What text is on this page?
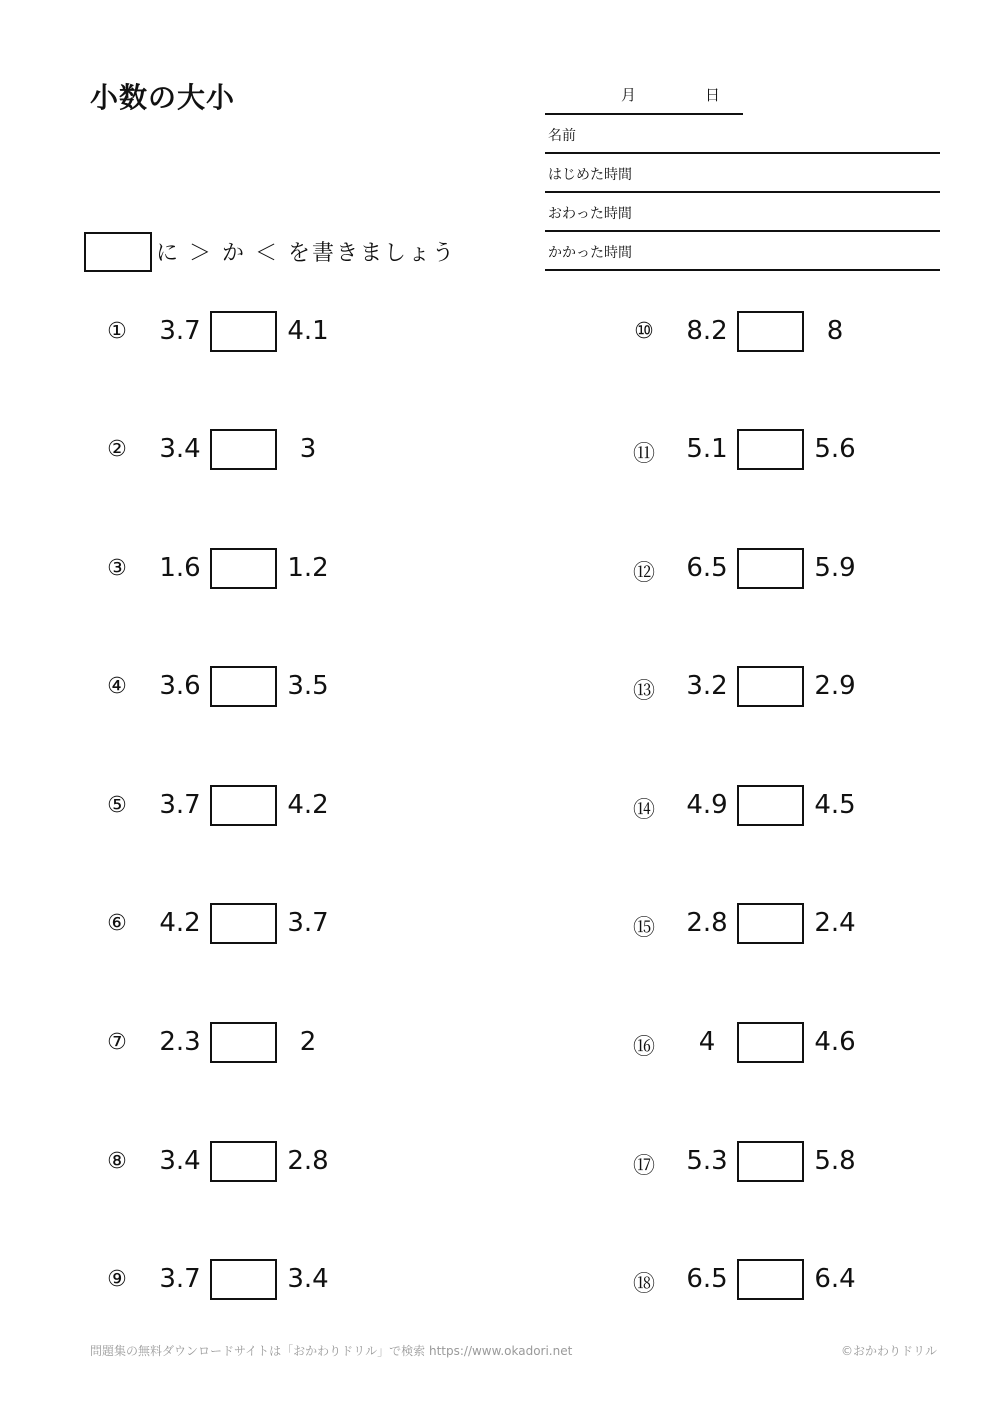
小数の大小	月	日
名前
はじめた時間
おわった時間
かかった時間
に ＞ か ＜ を書きましょう
① 3.7	4.1
② 3.4	3
③ 1.6	1.2
④ 3.6	3.5
⑤ 3.7	4.2
⑥ 4.2	3.7
⑦ 2.3	2
⑧ 3.4	2.8
⑨ 3.7	3.4
⑩ 8.2	8
⑪ 5.1	5.6
⑫ 6.5	5.9
⑬ 3.2	2.9
⑭ 4.9	4.5
⑮ 2.8	2.4
⑯	4	4.6
⑰ 5.3	5.8
⑱ 6.5	6.4
問題集の無料ダウンロードサイトは「おかわりドリル」で検索 https://www.okadori.net	©おかわりドリル
